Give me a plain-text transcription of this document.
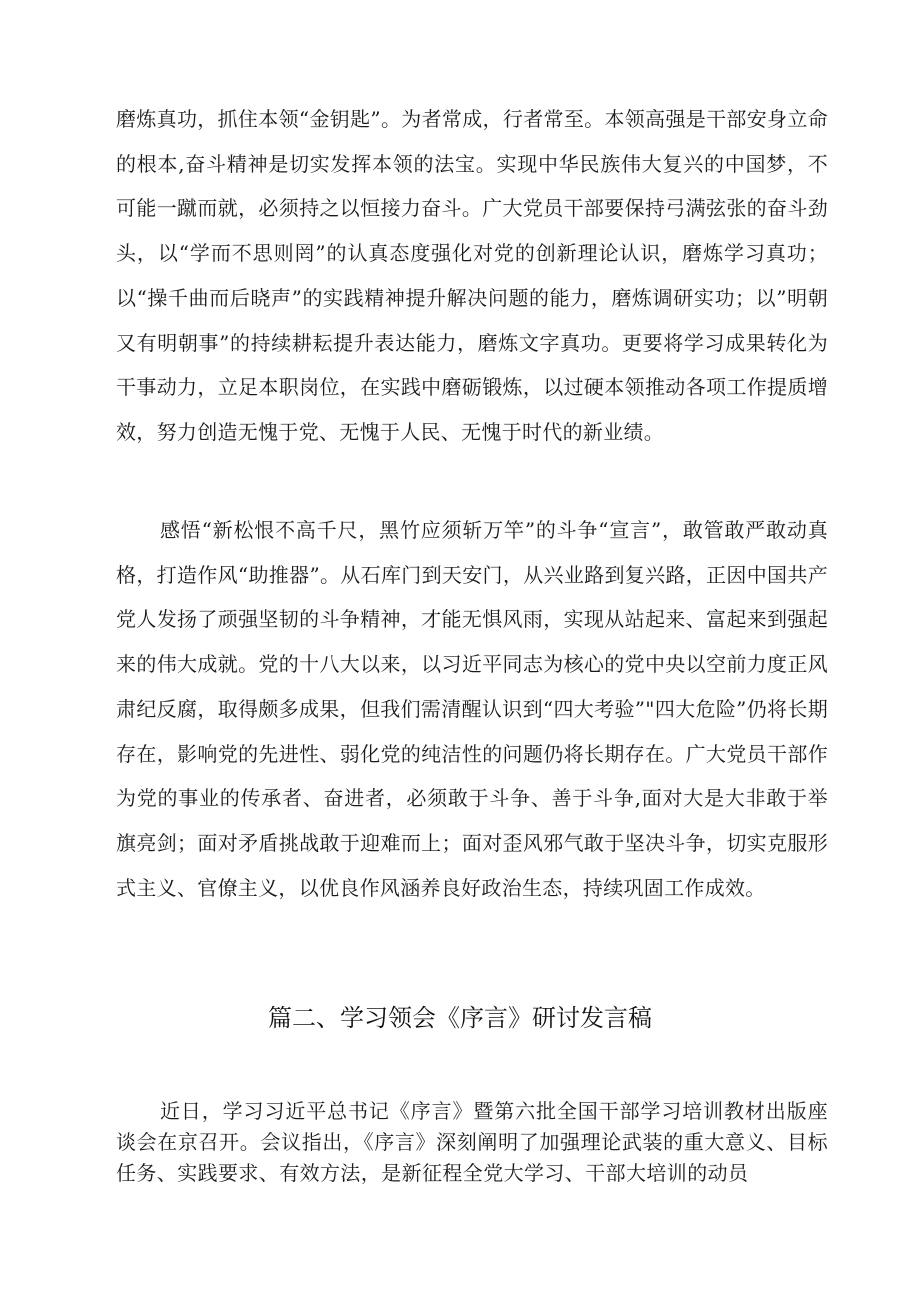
磨炼真功，抓住本领“金钥匙”。为者常成，行者常至。本领高强是干部安身立命的根本,奋斗精神是切实发挥本领的法宝。实现中华民族伟大复兴的中国梦，不可能一蹴而就，必须持之以恒接力奋斗。广大党员干部要保持弓满弦张的奋斗劲头，以“学而不思则罔”的认真态度强化对党的创新理论认识，磨炼学习真功；以“操千曲而后晓声”的实践精神提升解决问题的能力，磨炼调研实功；以”明朝又有明朝事”的持续耕耘提升表达能力，磨炼文字真功。更要将学习成果转化为干事动力，立足本职岗位，在实践中磨砺锻炼，以过硬本领推动各项工作提质增效，努力创造无愧于党、无愧于人民、无愧于时代的新业绩。

感悟“新松恨不高千尺，黑竹应须斩万竿”的斗争“宣言”，敢管敢严敢动真格，打造作风“助推器”。从石库门到天安门，从兴业路到复兴路，正因中国共产党人发扬了顽强坚韧的斗争精神，才能无惧风雨，实现从站起来、富起来到强起来的伟大成就。党的十八大以来，以习近平同志为核心的党中央以空前力度正风肃纪反腐，取得颇多成果，但我们需清醒认识到“四大考验”"四大危险”仍将长期存在，影响党的先进性、弱化党的纯洁性的问题仍将长期存在。广大党员干部作为党的事业的传承者、奋进者，必须敢于斗争、善于斗争,面对大是大非敢于举旗亮剑；面对矛盾挑战敢于迎难而上；面对歪风邪气敢于坚决斗争，切实克服形式主义、官僚主义，以优良作风涵养良好政治生态，持续巩固工作成效。

篇二、学习领会《序言》研讨发言稿

近日，学习习近平总书记《序言》暨第六批全国干部学习培训教材出版座谈会在京召开。会议指出，《序言》深刻阐明了加强理论武装的重大意义、目标任务、实践要求、有效方法，是新征程全党大学习、干部大培训的动员
